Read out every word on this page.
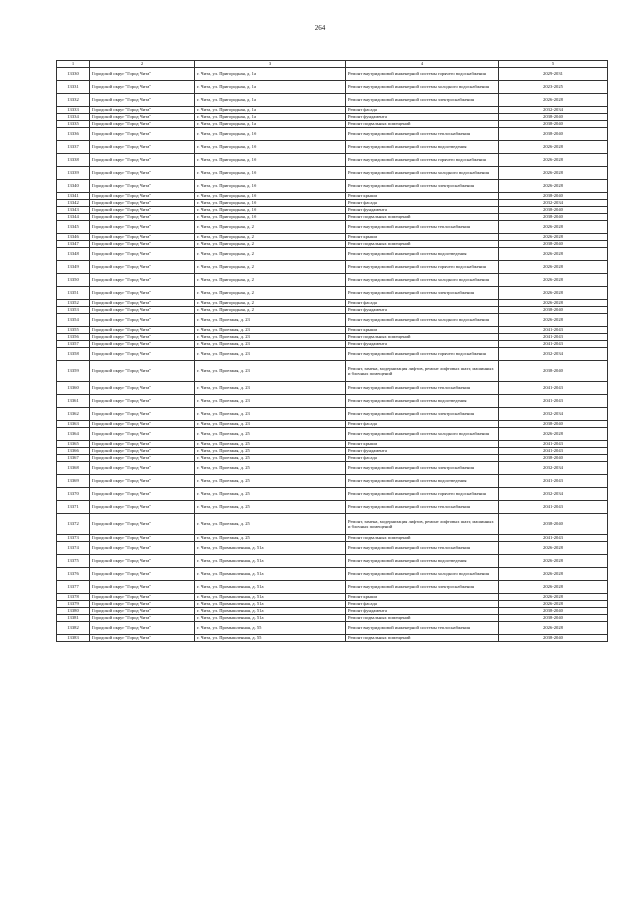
264
1	2	3	4	5
13330	Городской округ "Город Чита"	г. Чита, ул. Пригородная, д. 1а	Ремонт внутридомовой инженерной системы горячего водоснабжения	2029-2031
13331	Городской округ "Город Чита"	г. Чита, ул. Пригородная, д. 1а	Ремонт внутридомовой инженерной системы холодного водоснабжения	2023-2025
13332	Городской округ "Город Чита"	г. Чита, ул. Пригородная, д. 1а	Ремонт внутридомовой инженерной системы электроснабжения	2026-2028
13333	Городской округ "Город Чита"	г. Чита, ул. Пригородная, д. 1а	Ремонт фасада	2032-2034
13334	Городской округ "Город Чита"	г. Чита, ул. Пригородная, д. 1а	Ремонт фундамента	2038-2040
13335	Городской округ "Город Чита"	г. Чита, ул. Пригородная, д. 1а	Ремонт подвальных помещений	2038-2040
13336	Городской округ "Город Чита"	г. Чита, ул. Пригородная, д. 1б	Ремонт внутридомовой инженерной системы теплоснабжения	2038-2040
13337	Городской округ "Город Чита"	г. Чита, ул. Пригородная, д. 1б	Ремонт внутридомовой инженерной системы водоотведения	2026-2028
13338	Городской округ "Город Чита"	г. Чита, ул. Пригородная, д. 1б	Ремонт внутридомовой инженерной системы горячего водоснабжения	2026-2028
13339	Городской округ "Город Чита"	г. Чита, ул. Пригородная, д. 1б	Ремонт внутридомовой инженерной системы холодного водоснабжения	2026-2028
13340	Городской округ "Город Чита"	г. Чита, ул. Пригородная, д. 1б	Ремонт внутридомовой инженерной системы электроснабжения	2026-2028
13341	Городской округ "Город Чита"	г. Чита, ул. Пригородная, д. 1б	Ремонт крыши	2038-2040
13342	Городской округ "Город Чита"	г. Чита, ул. Пригородная, д. 1б	Ремонт фасада	2032-2034
13343	Городской округ "Город Чита"	г. Чита, ул. Пригородная, д. 1б	Ремонт фундамента	2038-2040
13344	Городской округ "Город Чита"	г. Чита, ул. Пригородная, д. 1б	Ремонт подвальных помещений	2038-2040
13345	Городской округ "Город Чита"	г. Чита, ул. Пригородная, д. 2	Ремонт внутридомовой инженерной системы теплоснабжения	2026-2028
13346	Городской округ "Город Чита"	г. Чита, ул. Пригородная, д. 2	Ремонт крыши	2026-2028
13347	Городской округ "Город Чита"	г. Чита, ул. Пригородная, д. 2	Ремонт подвальных помещений	2038-2040
13348	Городской округ "Город Чита"	г. Чита, ул. Пригородная, д. 2	Ремонт внутридомовой инженерной системы водоотведения	2026-2028
13349	Городской округ "Город Чита"	г. Чита, ул. Пригородная, д. 2	Ремонт внутридомовой инженерной системы горячего водоснабжения	2026-2028
13350	Городской округ "Город Чита"	г. Чита, ул. Пригородная, д. 2	Ремонт внутридомовой инженерной системы холодного водоснабжения	2026-2028
13351	Городской округ "Город Чита"	г. Чита, ул. Пригородная, д. 2	Ремонт внутридомовой инженерной системы электроснабжения	2026-2028
13352	Городской округ "Город Чита"	г. Чита, ул. Пригородная, д. 2	Ремонт фасада	2026-2028
13353	Городской округ "Город Чита"	г. Чита, ул. Пригородная, д. 2	Ремонт фундамента	2038-2040
13354	Городской округ "Город Чита"	г. Чита, ул. Проезжая, д. 23	Ремонт внутридомовой инженерной системы холодного водоснабжения	2026-2028
13355	Городской округ "Город Чита"	г. Чита, ул. Проезжая, д. 23	Ремонт крыши	2041-2043
13356	Городской округ "Город Чита"	г. Чита, ул. Проезжая, д. 23	Ремонт подвальных помещений	2041-2043
13357	Городской округ "Город Чита"	г. Чита, ул. Проезжая, д. 23	Ремонт фундамента	2041-2043
13358	Городской округ "Город Чита"	г. Чита, ул. Проезжая, д. 23	Ремонт внутридомовой инженерной системы горячего водоснабжения	2032-2034
13359	Городской округ "Город Чита"	г. Чита, ул. Проезжая, д. 23	Ремонт, замена, модернизация лифтов, ремонт лифтовых шахт, машинных и блочных помещений	2038-2040
13360	Городской округ "Город Чита"	г. Чита, ул. Проезжая, д. 23	Ремонт внутридомовой инженерной системы теплоснабжения	2041-2043
13361	Городской округ "Город Чита"	г. Чита, ул. Проезжая, д. 23	Ремонт внутридомовой инженерной системы водоотведения	2041-2043
13362	Городской округ "Город Чита"	г. Чита, ул. Проезжая, д. 23	Ремонт внутридомовой инженерной системы электроснабжения	2032-2034
13363	Городской округ "Город Чита"	г. Чита, ул. Проезжая, д. 23	Ремонт фасада	2038-2040
13364	Городской округ "Город Чита"	г. Чита, ул. Проезжая, д. 25	Ремонт внутридомовой инженерной системы холодного водоснабжения	2026-2028
13365	Городской округ "Город Чита"	г. Чита, ул. Проезжая, д. 25	Ремонт крыши	2041-2043
13366	Городской округ "Город Чита"	г. Чита, ул. Проезжая, д. 25	Ремонт фундамента	2041-2043
13367	Городской округ "Город Чита"	г. Чита, ул. Проезжая, д. 25	Ремонт фасада	2038-2040
13368	Городской округ "Город Чита"	г. Чита, ул. Проезжая, д. 25	Ремонт внутридомовой инженерной системы электроснабжения	2032-2034
13369	Городской округ "Город Чита"	г. Чита, ул. Проезжая, д. 25	Ремонт внутридомовой инженерной системы водоотведения	2041-2043
13370	Городской округ "Город Чита"	г. Чита, ул. Проезжая, д. 25	Ремонт внутридомовой инженерной системы горячего водоснабжения	2032-2034
13371	Городской округ "Город Чита"	г. Чита, ул. Проезжая, д. 25	Ремонт внутридомовой инженерной системы теплоснабжения	2041-2043
13372	Городской округ "Город Чита"	г. Чита, ул. Проезжая, д. 25	Ремонт, замена, модернизация лифтов, ремонт лифтовых шахт, машинных и блочных помещений	2038-2040
13373	Городской округ "Город Чита"	г. Чита, ул. Проезжая, д. 25	Ремонт подвальных помещений	2041-2043
13374	Городской округ "Город Чита"	г. Чита, ул. Промышленная, д. 51а	Ремонт внутридомовой инженерной системы теплоснабжения	2026-2028
13375	Городской округ "Город Чита"	г. Чита, ул. Промышленная, д. 51а	Ремонт внутридомовой инженерной системы водоотведения	2026-2028
13376	Городской округ "Город Чита"	г. Чита, ул. Промышленная, д. 51а	Ремонт внутридомовой инженерной системы холодного водоснабжения	2026-2028
13377	Городской округ "Город Чита"	г. Чита, ул. Промышленная, д. 51а	Ремонт внутридомовой инженерной системы электроснабжения	2026-2028
13378	Городской округ "Город Чита"	г. Чита, ул. Промышленная, д. 51а	Ремонт крыши	2026-2028
13379	Городской округ "Город Чита"	г. Чита, ул. Промышленная, д. 51а	Ремонт фасада	2026-2028
13380	Городской округ "Город Чита"	г. Чита, ул. Промышленная, д. 51а	Ремонт фундамента	2038-2040
13381	Городской округ "Город Чита"	г. Чита, ул. Промышленная, д. 51а	Ремонт подвальных помещений	2038-2040
13382	Городской округ "Город Чита"	г. Чита, ул. Промышленная, д. 55	Ремонт внутридомовой инженерной системы теплоснабжения	2026-2028
13383	Городской округ "Город Чита"	г. Чита, ул. Промышленная, д. 55	Ремонт подвальных помещений	2038-2040
